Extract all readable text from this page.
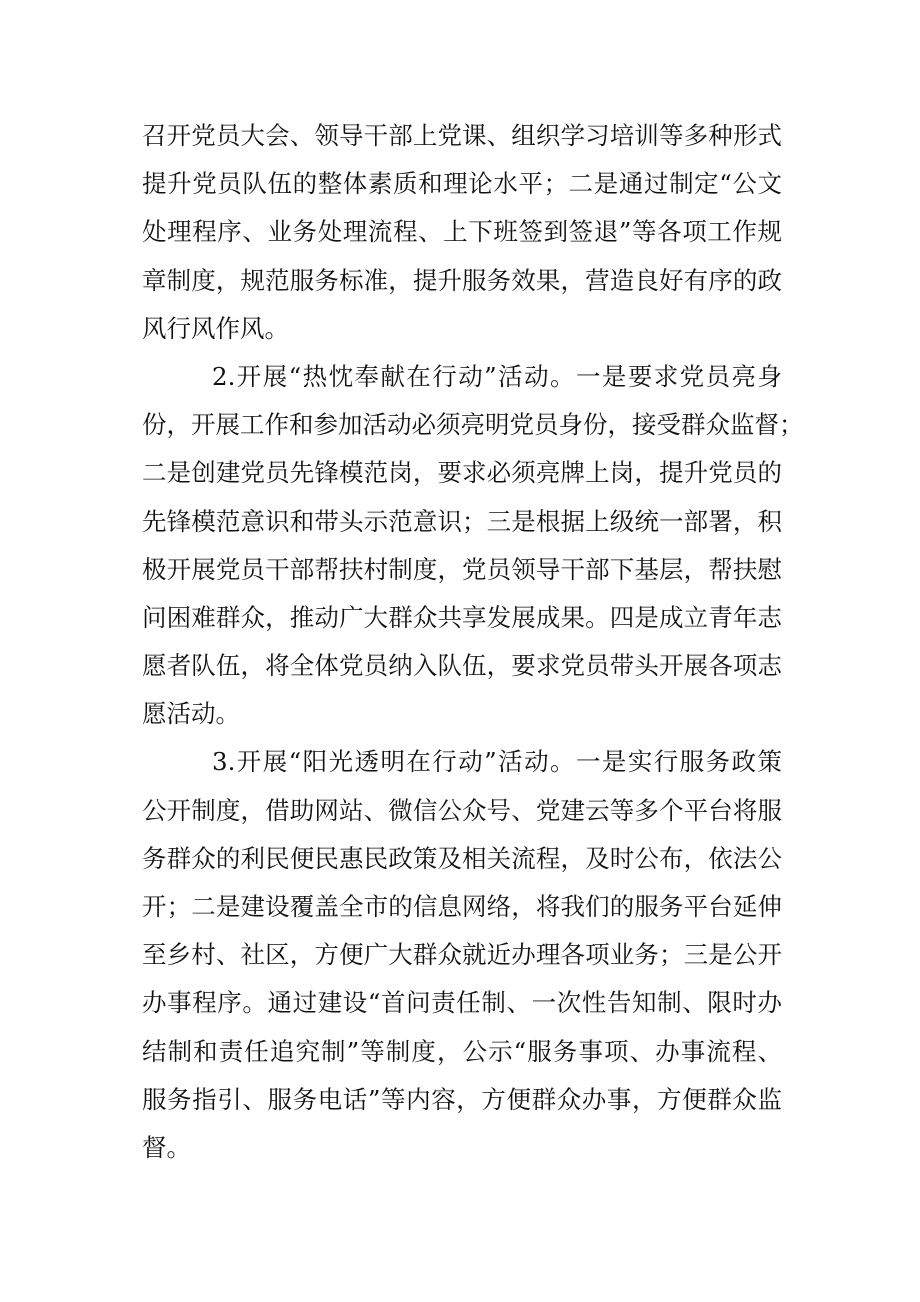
召开党员大会、领导干部上党课、组织学习培训等多种形式
提升党员队伍的整体素质和理论水平；二是通过制定“公文
处理程序、业务处理流程、上下班签到签退”等各项工作规
章制度，规范服务标准，提升服务效果，营造良好有序的政
风行风作风。
2.开展“热忱奉献在行动”活动。一是要求党员亮身
份，开展工作和参加活动必须亮明党员身份，接受群众监督；
二是创建党员先锋模范岗，要求必须亮牌上岗，提升党员的
先锋模范意识和带头示范意识；三是根据上级统一部署，积
极开展党员干部帮扶村制度，党员领导干部下基层，帮扶慰
问困难群众，推动广大群众共享发展成果。四是成立青年志
愿者队伍，将全体党员纳入队伍，要求党员带头开展各项志
愿活动。
3.开展“阳光透明在行动”活动。一是实行服务政策
公开制度，借助网站、微信公众号、党建云等多个平台将服
务群众的利民便民惠民政策及相关流程，及时公布，依法公
开；二是建设覆盖全市的信息网络，将我们的服务平台延伸
至乡村、社区，方便广大群众就近办理各项业务；三是公开
办事程序。通过建设“首问责任制、一次性告知制、限时办
结制和责任追究制”等制度，公示“服务事项、办事流程、
服务指引、服务电话”等内容，方便群众办事，方便群众监
督。
